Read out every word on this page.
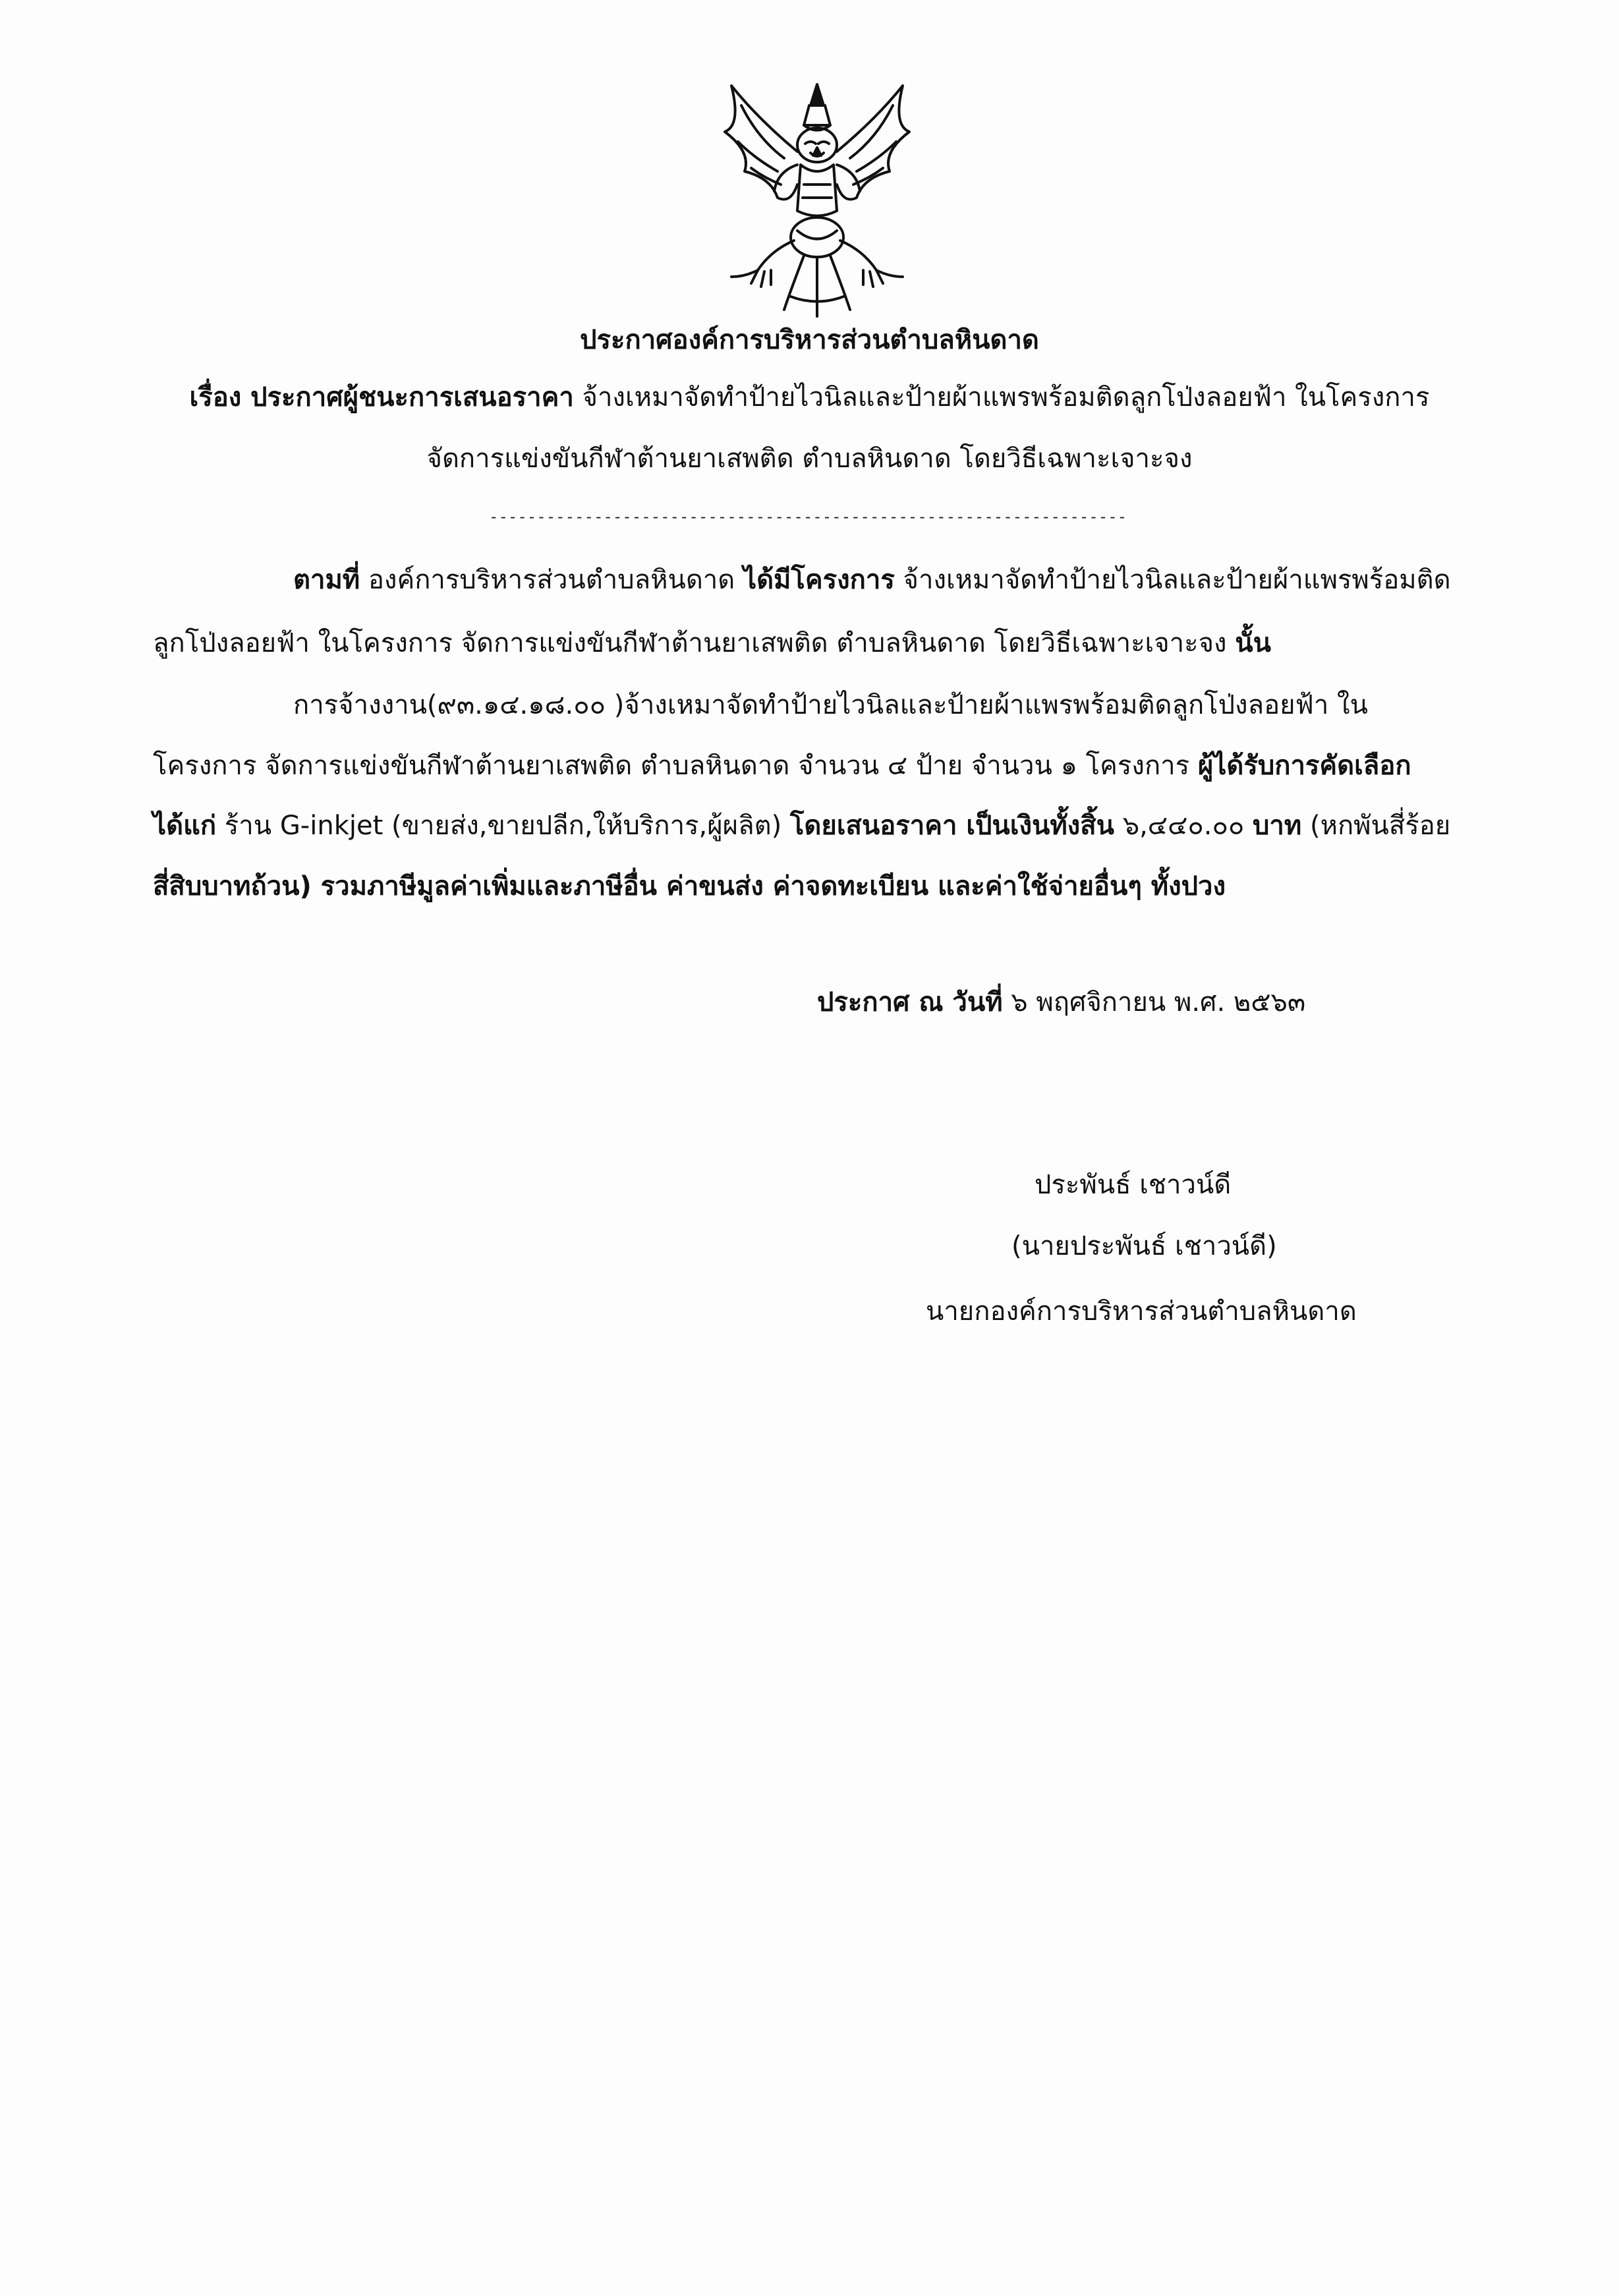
ประกาศองค์การบริหารส่วนตำบลหินดาด
เรื่อง ประกาศผู้ชนะการเสนอราคา จ้างเหมาจัดทำป้ายไวนิลและป้ายผ้าแพรพร้อมติดลูกโป่งลอยฟ้า ในโครงการ
จัดการแข่งขันกีฬาต้านยาเสพติด ตำบลหินดาด โดยวิธีเฉพาะเจาะจง
-------------------------------------------------------------------
ตามที่ องค์การบริหารส่วนตำบลหินดาด ได้มีโครงการ จ้างเหมาจัดทำป้ายไวนิลและป้ายผ้าแพรพร้อมติด
ลูกโป่งลอยฟ้า ในโครงการ จัดการแข่งขันกีฬาต้านยาเสพติด ตำบลหินดาด โดยวิธีเฉพาะเจาะจง นั้น
การจ้างงาน(๙๓.๑๔.๑๘.๐๐ )จ้างเหมาจัดทำป้ายไวนิลและป้ายผ้าแพรพร้อมติดลูกโป่งลอยฟ้า ใน
โครงการ จัดการแข่งขันกีฬาต้านยาเสพติด ตำบลหินดาด จำนวน ๔ ป้าย จำนวน ๑ โครงการ ผู้ได้รับการคัดเลือก
ได้แก่ ร้าน G-inkjet (ขายส่ง,ขายปลีก,ให้บริการ,ผู้ผลิต) โดยเสนอราคา เป็นเงินทั้งสิ้น ๖,๔๔๐.๐๐ บาท (หกพันสี่ร้อย
สี่สิบบาทถ้วน) รวมภาษีมูลค่าเพิ่มและภาษีอื่น ค่าขนส่ง ค่าจดทะเบียน และค่าใช้จ่ายอื่นๆ ทั้งปวง
ประกาศ ณ วันที่ ๖ พฤศจิกายน พ.ศ. ๒๕๖๓
ประพันธ์ เชาวน์ดี
(นายประพันธ์ เชาวน์ดี)
นายกองค์การบริหารส่วนตำบลหินดาด
